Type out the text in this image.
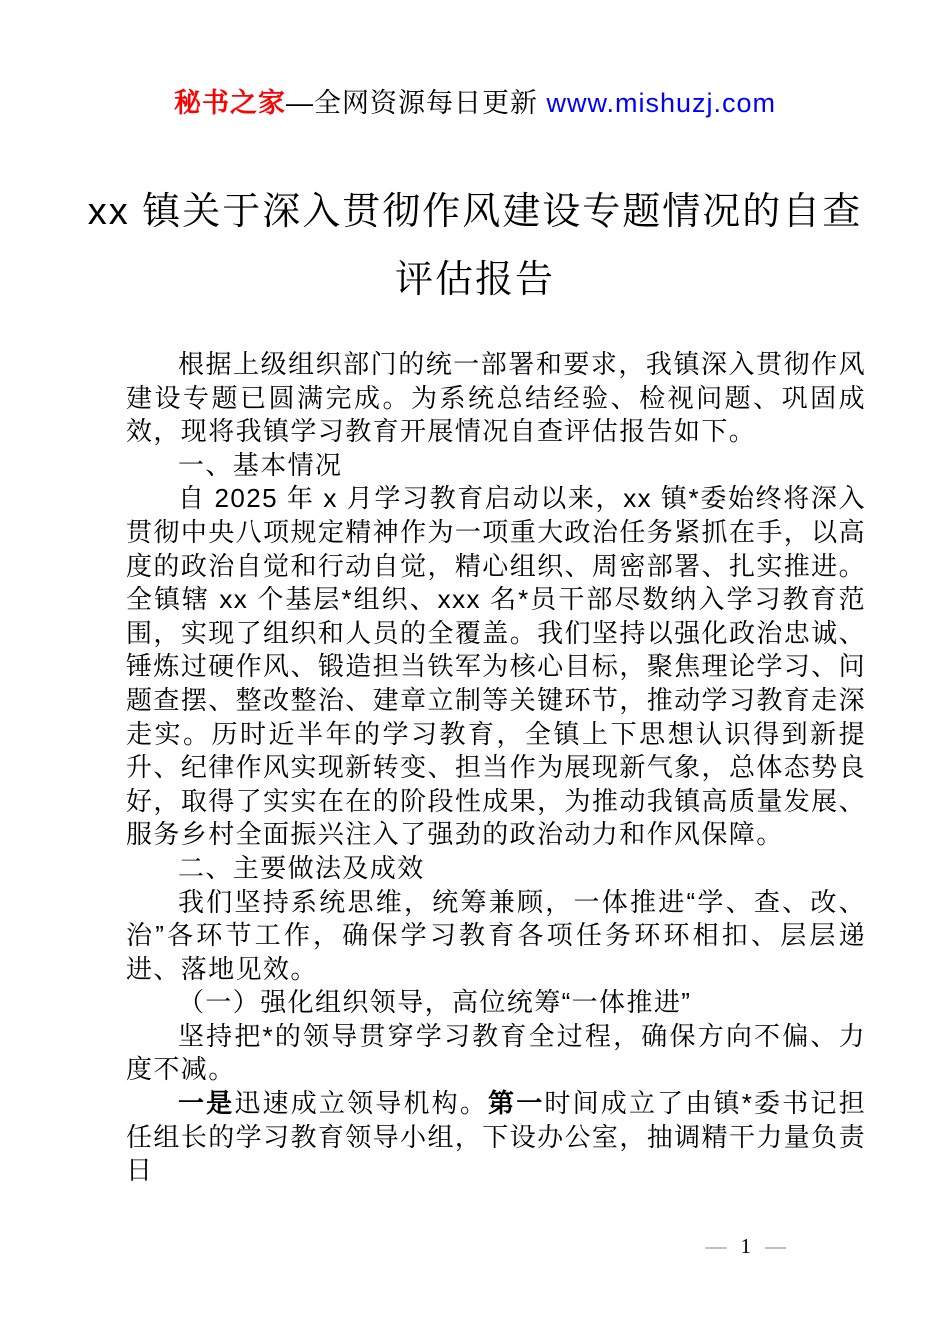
秘书之家—全网资源每日更新 www.mishuzj.com
xx 镇关于深入贯彻作风建设专题情况的自查
评估报告

根据上级组织部门的统一部署和要求，我镇深入贯彻作风建设专题已圆满完成。为系统总结经验、检视问题、巩固成效，现将我镇学习教育开展情况自查评估报告如下。

一、基本情况

自 2025 年 x 月学习教育启动以来，xx 镇*委始终将深入贯彻中央八项规定精神作为一项重大政治任务紧抓在手，以高度的政治自觉和行动自觉，精心组织、周密部署、扎实推进。全镇辖 xx 个基层*组织、xxx 名*员干部尽数纳入学习教育范围，实现了组织和人员的全覆盖。我们坚持以强化政治忠诚、锤炼过硬作风、锻造担当铁军为核心目标，聚焦理论学习、问题查摆、整改整治、建章立制等关键环节，推动学习教育走深走实。历时近半年的学习教育，全镇上下思想认识得到新提升、纪律作风实现新转变、担当作为展现新气象，总体态势良好，取得了实实在在的阶段性成果，为推动我镇高质量发展、服务乡村全面振兴注入了强劲的政治动力和作风保障。

二、主要做法及成效

我们坚持系统思维，统筹兼顾，一体推进“学、查、改、治”各环节工作，确保学习教育各项任务环环相扣、层层递进、落地见效。

（一）强化组织领导，高位统筹“一体推进”

坚持把*的领导贯穿学习教育全过程，确保方向不偏、力度不减。

一是迅速成立领导机构。第一时间成立了由镇*委书记担任组长的学习教育领导小组，下设办公室，抽调精干力量负责日

— 1 —
